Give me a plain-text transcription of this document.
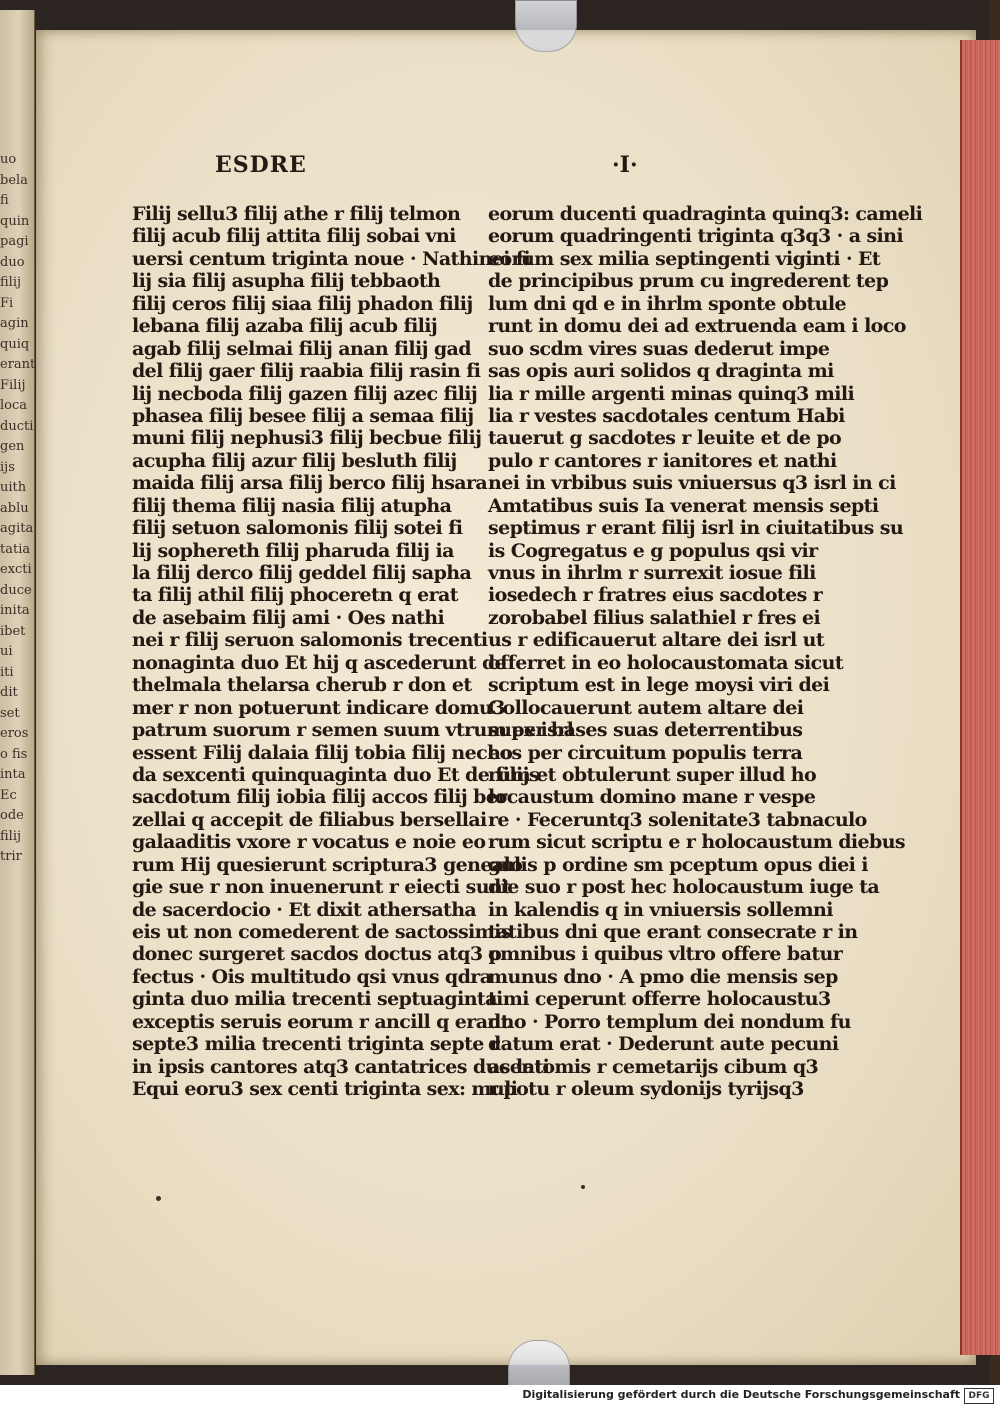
uo
bela
fi
quin
pagi
duo
filij
Fi
agin
quiq
erant
Filij
loca
ducti
gen
ijs
uith
ablu
agita
tatia
excti
duce
inita
ibet
ui
iti
dit
set
eros
o fis
inta
Ec
ode
filij
trir
ESDRE	·I·
Filij sellu3 filij athe r filij telmon
filij acub filij attita filij sobai vni
uersi centum triginta noue · Nathinei fi
lij sia filij asupha filij tebbaoth
filij ceros filij siaa filij phadon filij
lebana filij azaba filij acub filij
agab filij selmai filij anan filij gad
del filij gaer filij raabia filij rasin fi
lij necboda filij gazen filij azec filij
phasea filij besee filij a semaa filij
muni filij nephusi3 filij becbue filij
acupha filij azur filij besluth filij
maida filij arsa filij berco filij hsara
filij thema filij nasia filij atupha
filij setuon salomonis filij sotei fi
lij sophereth filij pharuda filij ia
la filij derco filij geddel filij sapha
ta filij athil filij phoceretn q erat
de asebaim filij ami · Oes nathi
nei r filij seruon salomonis trecenti
nonaginta duo Et hij q ascederunt de
thelmala thelarsa cherub r don et
mer r non potuerunt indicare domu3
patrum suorum r semen suum vtrum ex isrl
essent Filij dalaia filij tobia filij necho
da sexcenti quinquaginta duo Et de filijs
sacdotum filij iobia filij accos filij ber
zellai q accepit de filiabus bersellai
galaaditis vxore r vocatus e noie eo
rum Hij quesierunt scriptura3 genealo
gie sue r non inuenerunt r eiecti sunt
de sacerdocio · Et dixit athersatha
eis ut non comederent de sactossimis
donec surgeret sacdos doctus atq3 p
fectus · Ois multitudo qsi vnus qdra
ginta duo milia trecenti septuaginta
exceptis seruis eorum r ancill q erant
septe3 milia trecenti triginta septe r
in ipsis cantores atq3 cantatrices ducenti
Equi eoru3 sex centi triginta sex: muli
eorum ducenti quadraginta quinq3: cameli
eorum quadringenti triginta q3q3 · a sini
eorum sex milia septingenti viginti · Et
de principibus prum cu ingrederent tep
lum dni qd e in ihrlm sponte obtule
runt in domu dei ad extruenda eam i loco
suo scdm vires suas dederut impe
sas opis auri solidos q draginta mi
lia r mille argenti minas quinq3 mili
lia r vestes sacdotales centum Habi
tauerut g sacdotes r leuite et de po
pulo r cantores r ianitores et nathi
nei in vrbibus suis vniuersus q3 isrl in ci
Amtatibus suis Ia venerat mensis septi
septimus r erant filij isrl in ciuitatibus su
is Cogregatus e g populus qsi vir
vnus in ihrlm r surrexit iosue fili
iosedech r fratres eius sacdotes r
zorobabel filius salathiel r fres ei
us r edificauerut altare dei isrl ut
offerret in eo holocaustomata sicut
scriptum est in lege moysi viri dei
Collocauerunt autem altare dei
super bases suas deterrentibus
eos per circuitum populis terra
rum et obtulerunt super illud ho
locaustum domino mane r vespe
re · Feceruntq3 solenitate3 tabnaculo
rum sicut scriptu e r holocaustum diebus
gulis p ordine sm pceptum opus diei i
die suo r post hec holocaustum iuge ta
in kalendis q in vniuersis sollemni
tatibus dni que erant consecrate r in
omnibus i quibus vltro offere batur
munus dno · A pmo die mensis sep
timi ceperunt offerre holocaustu3
dno · Porro templum dei nondum fu
datum erat · Dederunt aute pecuni
as latomis r cemetarijs cibum q3
r potu r oleum sydonijs tyrijsq3
Digitalisierung gefördert durch die Deutsche Forschungsgemeinschaft DFG
